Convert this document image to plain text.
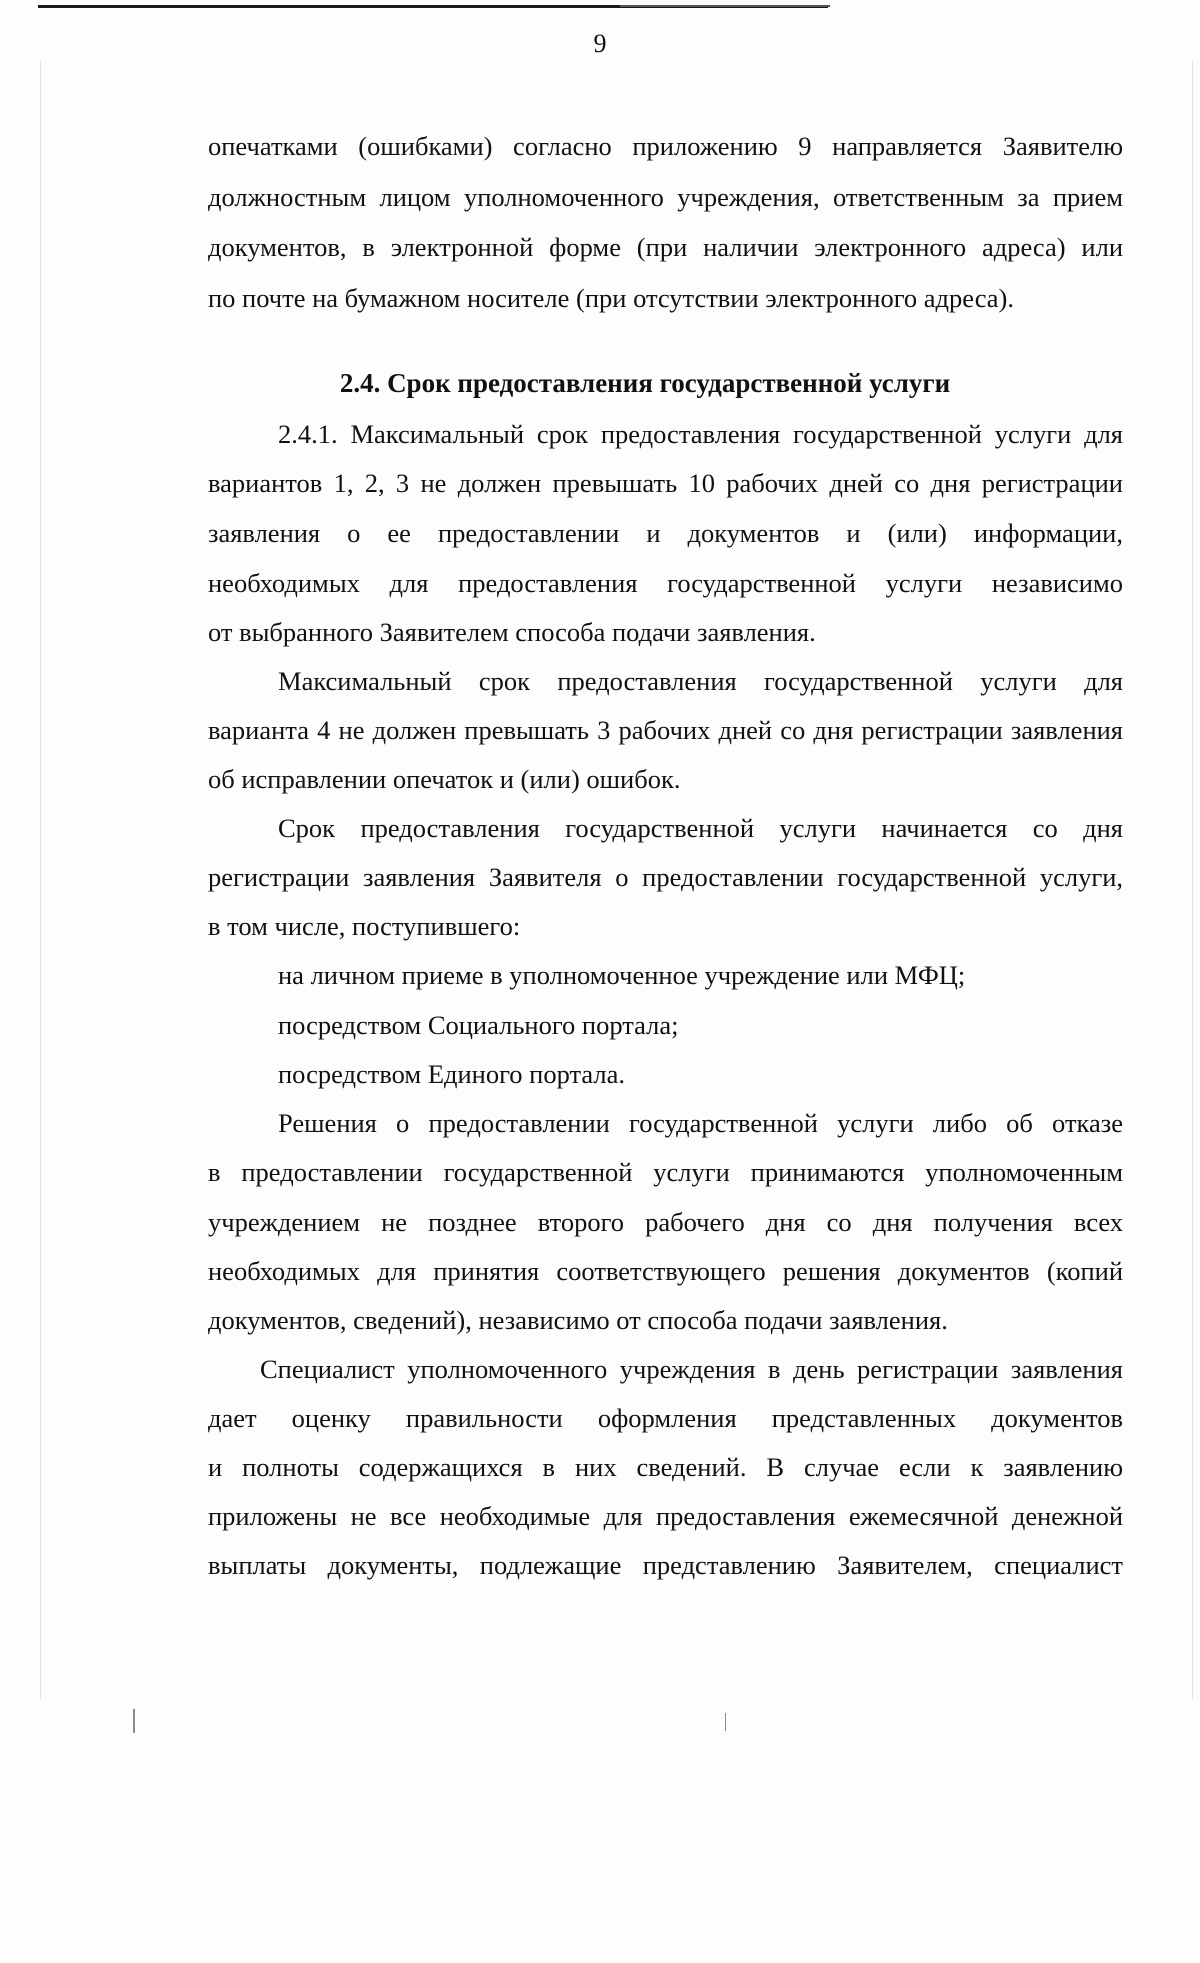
9
опечатками (ошибками) согласно приложению 9 направляется Заявителю
должностным лицом уполномоченного учреждения, ответственным за прием
документов, в электронной форме (при наличии электронного адреса) или
по почте на бумажном носителе (при отсутствии электронного адреса).
2.4. Срок предоставления государственной услуги
2.4.1. Максимальный срок предоставления государственной услуги для
вариантов 1, 2, 3 не должен превышать 10 рабочих дней со дня регистрации
заявления о ее предоставлении и документов и (или) информации,
необходимых для предоставления государственной услуги независимо
от выбранного Заявителем способа подачи заявления.
Максимальный срок предоставления государственной услуги для
варианта 4 не должен превышать 3 рабочих дней со дня регистрации заявления
об исправлении опечаток и (или) ошибок.
Срок предоставления государственной услуги начинается со дня
регистрации заявления Заявителя о предоставлении государственной услуги,
в том числе, поступившего:
на личном приеме в уполномоченное учреждение или МФЦ;
посредством Социального портала;
посредством Единого портала.
Решения о предоставлении государственной услуги либо об отказе
в предоставлении государственной услуги принимаются уполномоченным
учреждением не позднее второго рабочего дня со дня получения всех
необходимых для принятия соответствующего решения документов (копий
документов, сведений), независимо от способа подачи заявления.
Специалист уполномоченного учреждения в день регистрации заявления
дает оценку правильности оформления представленных документов
и полноты содержащихся в них сведений. В случае если к заявлению
приложены не все необходимые для предоставления ежемесячной денежной
выплаты документы, подлежащие представлению Заявителем, специалист
